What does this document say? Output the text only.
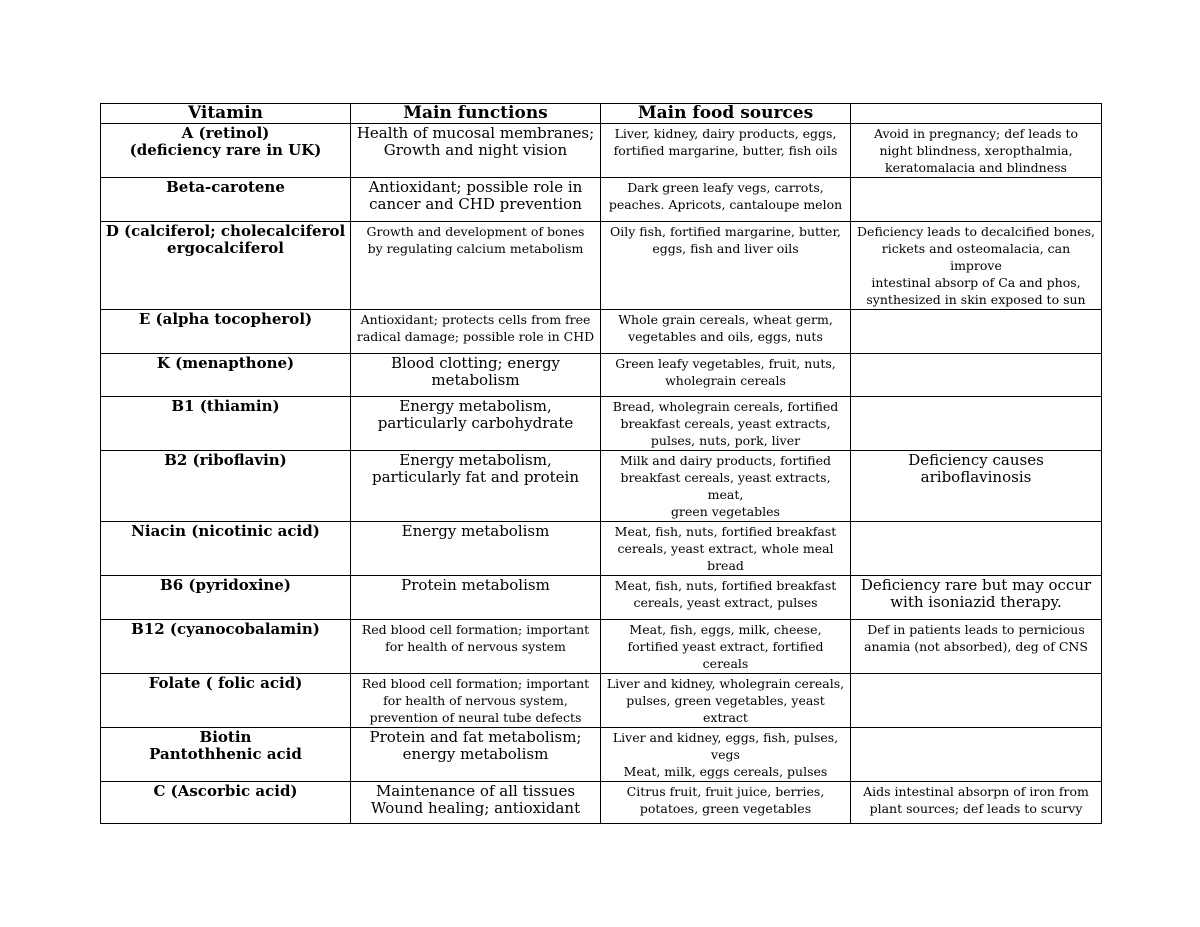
Vitamin	Main functions	Main food sources	

A (retinol)
(deficiency rare in UK)	Health of mucosal membranes;
Growth and night vision	Liver, kidney, dairy products, eggs,
fortified margarine, butter, fish oils	Avoid in pregnancy; def leads to
night blindness, xeropthalmia,
keratomalacia and blindness

Beta-carotene	Antioxidant; possible role in
cancer and CHD prevention	Dark green leafy vegs, carrots,
peaches. Apricots, cantaloupe melon	

D (calciferol; cholecalciferol
ergocalciferol	Growth and development of bones
by regulating calcium metabolism	Oily fish, fortified margarine, butter,
eggs, fish and liver oils	Deficiency leads to decalcified bones,
rickets and osteomalacia, can improve
intestinal absorp of Ca and phos,
synthesized in skin exposed to sun

E (alpha tocopherol)	Antioxidant; protects cells from free
radical damage; possible role in CHD	Whole grain cereals, wheat germ,
vegetables and oils, eggs, nuts	

K (menapthone)	Blood clotting; energy
metabolism	Green leafy vegetables, fruit, nuts,
wholegrain cereals	

B1 (thiamin)	Energy metabolism,
particularly carbohydrate	Bread, wholegrain cereals, fortified
breakfast cereals, yeast extracts,
pulses, nuts, pork, liver	

B2 (riboflavin)	Energy metabolism,
particularly fat and protein	Milk and dairy products, fortified
breakfast cereals, yeast extracts, meat,
green vegetables	Deficiency causes
ariboflavinosis

Niacin (nicotinic acid)	Energy metabolism	Meat, fish, nuts, fortified breakfast
cereals, yeast extract, whole meal
bread	

B6 (pyridoxine)	Protein metabolism	Meat, fish, nuts, fortified breakfast
cereals, yeast extract, pulses	Deficiency rare but may occur
with isoniazid therapy.

B12 (cyanocobalamin)	Red blood cell formation; important
for health of nervous system	Meat, fish, eggs, milk, cheese,
fortified yeast extract, fortified cereals	Def in patients leads to pernicious
anamia (not absorbed), deg of CNS

Folate ( folic acid)	Red blood cell formation; important
for health of nervous system,
prevention of neural tube defects	Liver and kidney, wholegrain cereals,
pulses, green vegetables, yeast extract	

Biotin
Pantothhenic acid	Protein and fat metabolism;
energy metabolism	Liver and kidney, eggs, fish, pulses, vegs
Meat, milk, eggs cereals, pulses	

C (Ascorbic acid)	Maintenance of all tissues
Wound healing; antioxidant	Citrus fruit, fruit juice, berries,
potatoes, green vegetables	Aids intestinal absorpn of iron from
plant sources; def leads to scurvy
